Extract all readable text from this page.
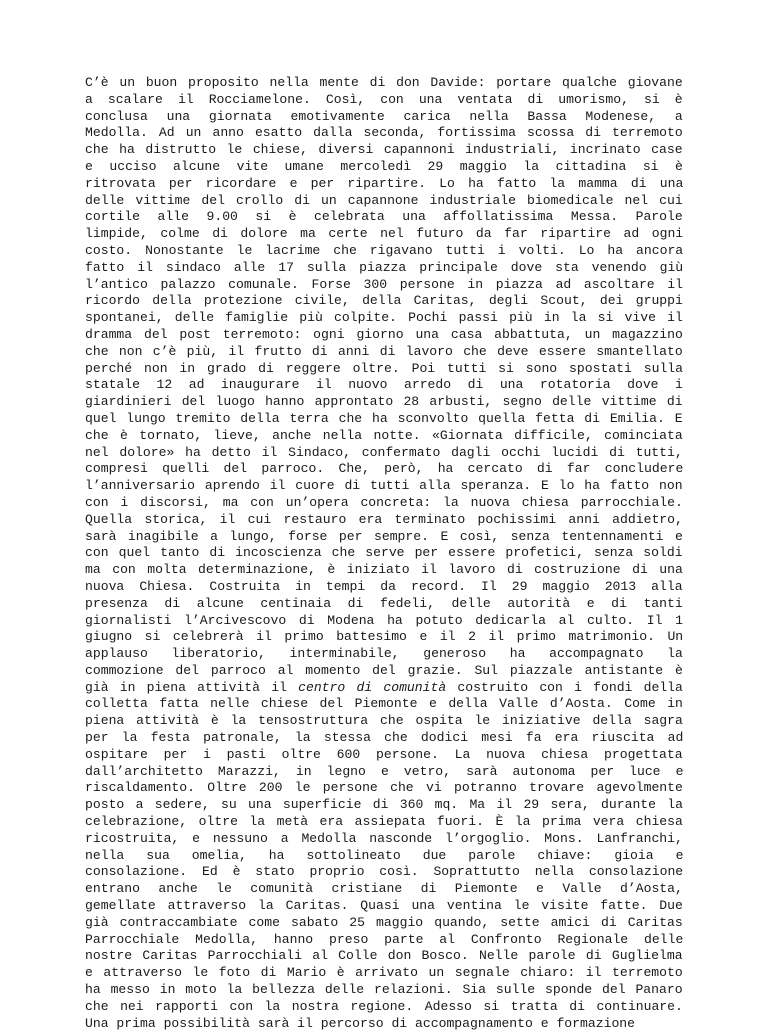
C’è un buon proposito nella mente di don Davide: portare qualche giovane
a scalare il Rocciamelone. Così, con una ventata di umorismo, si è
conclusa una giornata emotivamente carica nella Bassa Modenese, a
Medolla. Ad un anno esatto dalla seconda, fortissima scossa di terremoto
che ha distrutto le chiese, diversi capannoni industriali, incrinato case
e ucciso alcune vite umane mercoledì 29 maggio la cittadina si è
ritrovata per ricordare e per ripartire. Lo ha fatto la mamma di una
delle vittime del crollo di un capannone industriale biomedicale nel cui
cortile alle 9.00 si è celebrata una affollatissima Messa. Parole
limpide, colme di dolore ma certe nel futuro da far ripartire ad ogni
costo. Nonostante le lacrime che rigavano tutti i volti. Lo ha ancora
fatto il sindaco alle 17 sulla piazza principale dove sta venendo giù
l’antico palazzo comunale. Forse 300 persone in piazza ad ascoltare il
ricordo della protezione civile, della Caritas, degli Scout, dei gruppi
spontanei, delle famiglie più colpite. Pochi passi più in la si vive il
dramma del post terremoto: ogni giorno una casa abbattuta, un magazzino
che non c’è più, il frutto di anni di lavoro che deve essere smantellato
perché non in grado di reggere oltre. Poi tutti si sono spostati sulla
statale 12 ad inaugurare il nuovo arredo di una rotatoria dove i
giardinieri del luogo hanno approntato 28 arbusti, segno delle vittime di
quel lungo tremito della terra che ha sconvolto quella fetta di Emilia. E
che è tornato, lieve, anche nella notte. «Giornata difficile, cominciata
nel dolore» ha detto il Sindaco, confermato dagli occhi lucidi di tutti,
compresi quelli del parroco. Che, però, ha cercato di far concludere
l’anniversario aprendo il cuore di tutti alla speranza. E lo ha fatto non
con i discorsi, ma con un’opera concreta: la nuova chiesa parrocchiale.
Quella storica, il cui restauro era terminato pochissimi anni addietro,
sarà inagibile a lungo, forse per sempre. E così, senza tentennamenti e
con quel tanto di incoscienza che serve per essere profetici, senza soldi
ma con molta determinazione, è iniziato il lavoro di costruzione di una
nuova Chiesa. Costruita in tempi da record. Il 29 maggio 2013 alla
presenza di alcune centinaia di fedeli, delle autorità e di tanti
giornalisti l’Arcivescovo di Modena ha potuto dedicarla al culto. Il 1
giugno si celebrerà il primo battesimo e il 2 il primo matrimonio. Un
applauso liberatorio, interminabile, generoso ha accompagnato la
commozione del parroco al momento del grazie. Sul piazzale antistante è
già in piena attività il centro di comunità costruito con i fondi della
colletta fatta nelle chiese del Piemonte e della Valle d’Aosta. Come in
piena attività è la tensostruttura che ospita le iniziative della sagra
per la festa patronale, la stessa che dodici mesi fa era riuscita ad
ospitare per i pasti oltre 600 persone. La nuova chiesa progettata
dall’architetto Marazzi, in legno e vetro, sarà autonoma per luce e
riscaldamento. Oltre 200 le persone che vi potranno trovare agevolmente
posto a sedere, su una superficie di 360 mq. Ma il 29 sera, durante la
celebrazione, oltre la metà era assiepata fuori. È la prima vera chiesa
ricostruita, e nessuno a Medolla nasconde l’orgoglio. Mons. Lanfranchi,
nella sua omelia, ha sottolineato due parole chiave: gioia e
consolazione. Ed è stato proprio così. Soprattutto nella consolazione
entrano anche le comunità cristiane di Piemonte e Valle d’Aosta,
gemellate attraverso la Caritas. Quasi una ventina le visite fatte. Due
già contraccambiate come sabato 25 maggio quando, sette amici di Caritas
Parrocchiale Medolla, hanno preso parte al Confronto Regionale delle
nostre Caritas Parrocchiali al Colle don Bosco. Nelle parole di Guglielma
e attraverso le foto di Mario è arrivato un segnale chiaro: il terremoto
ha messo in moto la bellezza delle relazioni. Sia sulle sponde del Panaro
che nei rapporti con la nostra regione. Adesso si tratta di continuare.
Una prima possibilità sarà il percorso di accompagnamento e formazione
